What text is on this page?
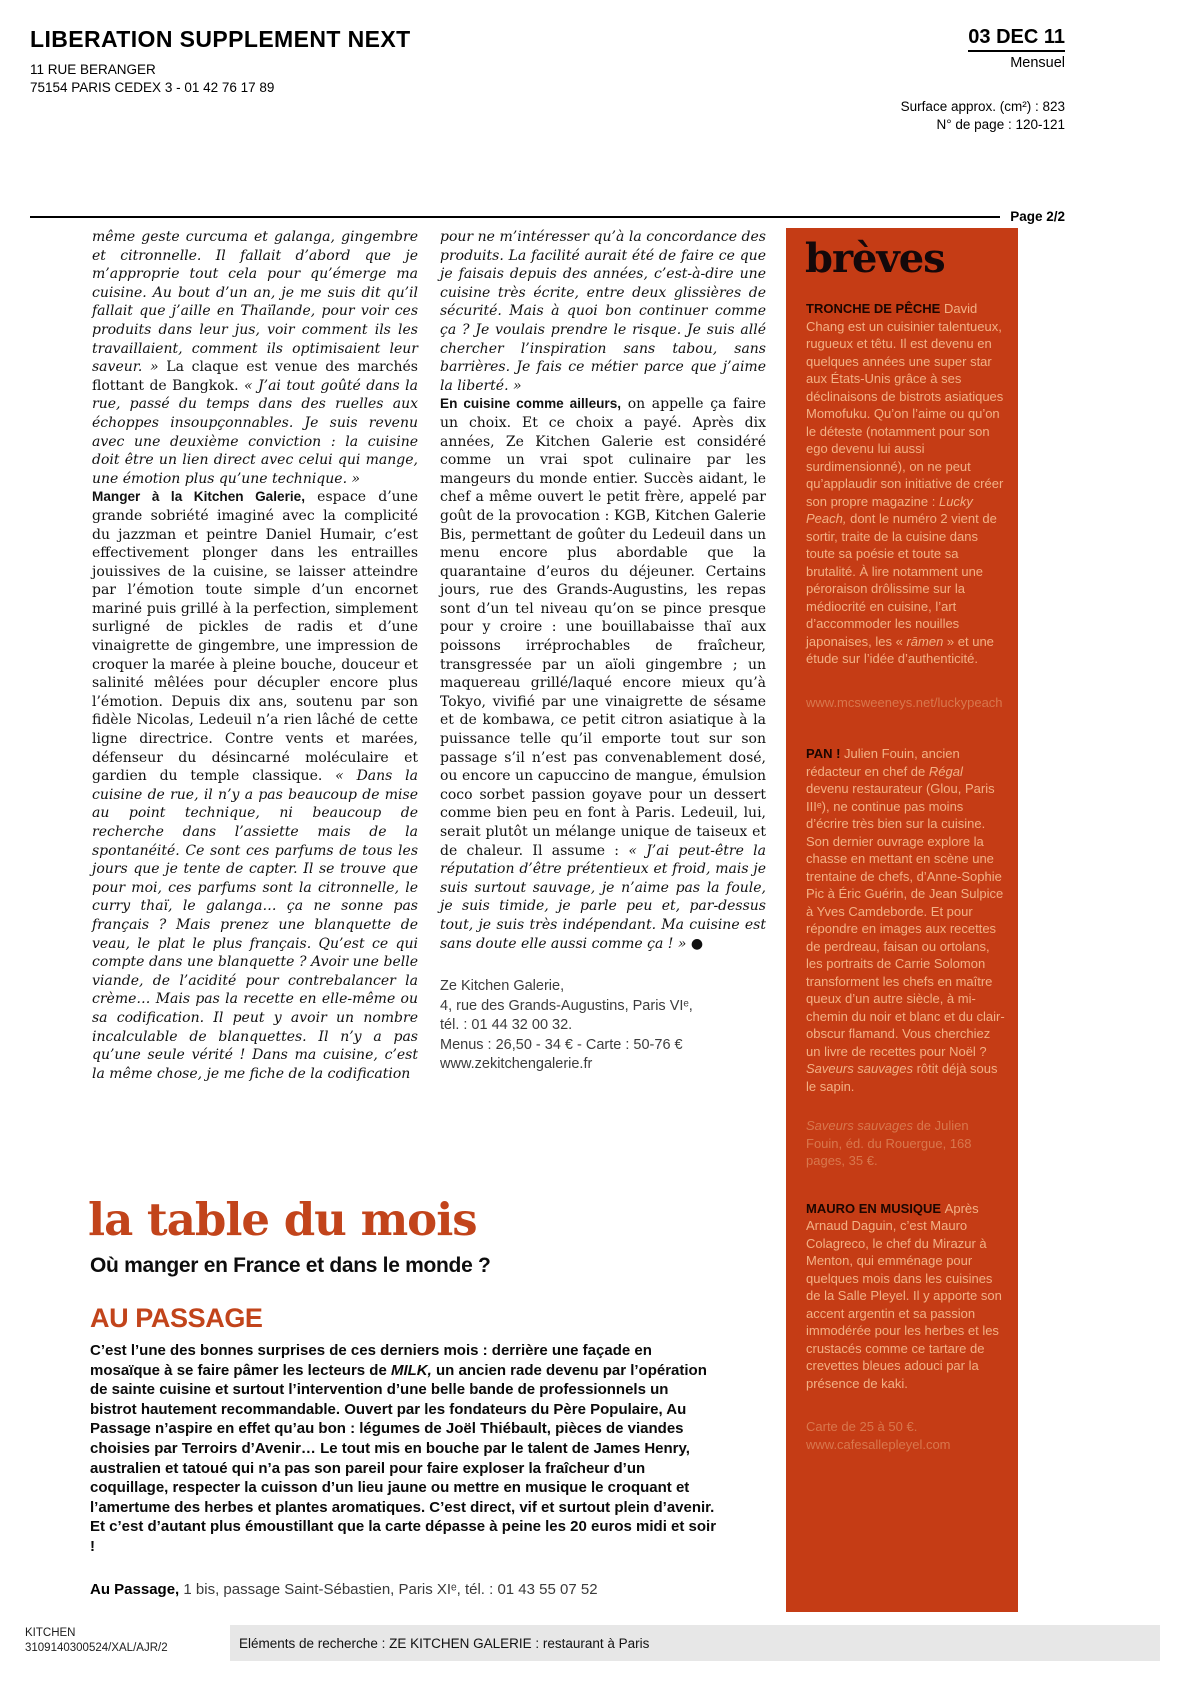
LIBERATION SUPPLEMENT NEXT
11 RUE BERANGER
75154 PARIS CEDEX 3 - 01 42 76 17 89
03 DEC 11
Mensuel
Surface approx. (cm²) : 823
N° de page : 120-121
Page 2/2

même geste curcuma et galanga, gingembre et citronnelle. Il fallait d’abord que je m’approprie tout cela pour qu’émerge ma cuisine. Au bout d’un an, je me suis dit qu’il fallait que j’aille en Thaïlande, pour voir ces produits dans leur jus, voir comment ils les travaillaient, comment ils optimisaient leur saveur. » La claque est venue des marchés flottant de Bangkok. « J’ai tout goûté dans la rue, passé du temps dans des ruelles aux échoppes insoupçonnables. Je suis revenu avec une deuxième conviction : la cuisine doit être un lien direct avec celui qui mange, une émotion plus qu’une technique. »

Manger à la Kitchen Galerie, espace d’une grande sobriété imaginé avec la complicité du jazzman et peintre Daniel Humair, c’est effectivement plonger dans les entrailles jouissives de la cuisine, se laisser atteindre par l’émotion toute simple d’un encornet mariné puis grillé à la perfection, simplement surligné de pickles de radis et d’une vinaigrette de gingembre, une impression de croquer la marée à pleine bouche, douceur et salinité mêlées pour décupler encore plus l’émotion. Depuis dix ans, soutenu par son fidèle Nicolas, Ledeuil n’a rien lâché de cette ligne directrice. Contre vents et marées, défenseur du désincarné moléculaire et gardien du temple classique. « Dans la cuisine de rue, il n’y a pas beaucoup de mise au point technique, ni beaucoup de recherche dans l’assiette mais de la spontanéité. Ce sont ces parfums de tous les jours que je tente de capter. Il se trouve que pour moi, ces parfums sont la citronnelle, le curry thaï, le galanga… ça ne sonne pas français ? Mais prenez une blanquette de veau, le plat le plus français. Qu’est ce qui compte dans une blanquette ? Avoir une belle viande, de l’acidité pour contrebalancer la crème… Mais pas la recette en elle-même ou sa codification. Il peut y avoir un nombre incalculable de blanquettes. Il n’y a pas qu’une seule vérité ! Dans ma cuisine, c’est la même chose, je me fiche de la codification

pour ne m’intéresser qu’à la concordance des produits. La facilité aurait été de faire ce que je faisais depuis des années, c’est-à-dire une cuisine très écrite, entre deux glissières de sécurité. Mais à quoi bon continuer comme ça ? Je voulais prendre le risque. Je suis allé chercher l’inspiration sans tabou, sans barrières. Je fais ce métier parce que j’aime la liberté. »

En cuisine comme ailleurs, on appelle ça faire un choix. Et ce choix a payé. Après dix années, Ze Kitchen Galerie est considéré comme un vrai spot culinaire par les mangeurs du monde entier. Succès aidant, le chef a même ouvert le petit frère, appelé par goût de la provocation : KGB, Kitchen Galerie Bis, permettant de goûter du Ledeuil dans un menu encore plus abordable que la quarantaine d’euros du déjeuner. Certains jours, rue des Grands-Augustins, les repas sont d’un tel niveau qu’on se pince presque pour y croire : une bouillabaisse thaï aux poissons irréprochables de fraîcheur, transgressée par un aïoli gingembre ; un maquereau grillé/laqué encore mieux qu’à Tokyo, vivifié par une vinaigrette de sésame et de kombawa, ce petit citron asiatique à la puissance telle qu’il emporte tout sur son passage s’il n’est pas convenablement dosé, ou encore un capuccino de mangue, émulsion coco sorbet passion goyave pour un dessert comme bien peu en font à Paris. Ledeuil, lui, serait plutôt un mélange unique de taiseux et de chaleur. Il assume : « J’ai peut-être la réputation d’être prétentieux et froid, mais je suis surtout sauvage, je n’aime pas la foule, je suis timide, je parle peu et, par-dessus tout, je suis très indépendant. Ma cuisine est sans doute elle aussi comme ça ! » ●

Ze Kitchen Galerie,
4, rue des Grands-Augustins, Paris VIᵉ,
tél. : 01 44 32 00 32.
Menus : 26,50 - 34 € - Carte : 50-76 €
www.zekitchengalerie.fr
brèves

TRONCHE DE PÊCHE David Chang est un cuisinier talentueux, rugueux et têtu. Il est devenu en quelques années une super star aux États-Unis grâce à ses déclinaisons de bistrots asiatiques Momofuku. Qu’on l’aime ou qu’on le déteste (notamment pour son ego devenu lui aussi surdimensionné), on ne peut qu’applaudir son initiative de créer son propre magazine : Lucky Peach, dont le numéro 2 vient de sortir, traite de la cuisine dans toute sa poésie et toute sa brutalité. À lire notamment une péroraison drôlissime sur la médiocrité en cuisine, l’art d’accommoder les nouilles japonaises, les « rāmen » et une étude sur l’idée d’authenticité.

www.mcsweeneys.net/luckypeach

PAN ! Julien Fouin, ancien rédacteur en chef de Régal devenu restaurateur (Glou, Paris IIIᵉ), ne continue pas moins d’écrire très bien sur la cuisine. Son dernier ouvrage explore la chasse en mettant en scène une trentaine de chefs, d’Anne-Sophie Pic à Éric Guérin, de Jean Sulpice à Yves Camdeborde. Et pour répondre en images aux recettes de perdreau, faisan ou ortolans, les portraits de Carrie Solomon transforment les chefs en maître queux d’un autre siècle, à mi-chemin du noir et blanc et du clair-obscur flamand. Vous cherchiez un livre de recettes pour Noël ? Saveurs sauvages rôtit déjà sous le sapin.

Saveurs sauvages de Julien Fouin, éd. du Rouergue, 168 pages, 35 €.

MAURO EN MUSIQUE Après Arnaud Daguin, c’est Mauro Colagreco, le chef du Mirazur à Menton, qui emménage pour quelques mois dans les cuisines de la Salle Pleyel. Il y apporte son accent argentin et sa passion immodérée pour les herbes et les crustacés comme ce tartare de crevettes bleues adouci par la présence de kaki.

Carte de 25 à 50 €.
www.cafesallepleyel.com

la table du mois
Où manger en France et dans le monde ?
AU PASSAGE
C’est l’une des bonnes surprises de ces derniers mois : derrière une façade en mosaïque à se faire pâmer les lecteurs de MILK, un ancien rade devenu par l’opération de sainte cuisine et surtout l’intervention d’une belle bande de professionnels un bistrot hautement recommandable. Ouvert par les fondateurs du Père Populaire, Au Passage n’aspire en effet qu’au bon : légumes de Joël Thiébault, pièces de viandes choisies par Terroirs d’Avenir… Le tout mis en bouche par le talent de James Henry, australien et tatoué qui n’a pas son pareil pour faire exploser la fraîcheur d’un coquillage, respecter la cuisson d’un lieu jaune ou mettre en musique le croquant et l’amertume des herbes et plantes aromatiques. C’est direct, vif et surtout plein d’avenir. Et c’est d’autant plus émoustillant que la carte dépasse à peine les 20 euros midi et soir !
Au Passage, 1 bis, passage Saint-Sébastien, Paris XIᵉ, tél. : 01 43 55 07 52
KITCHEN
3109140300524/XAL/AJR/2	Eléments de recherche : ZE KITCHEN GALERIE : restaurant à Paris
